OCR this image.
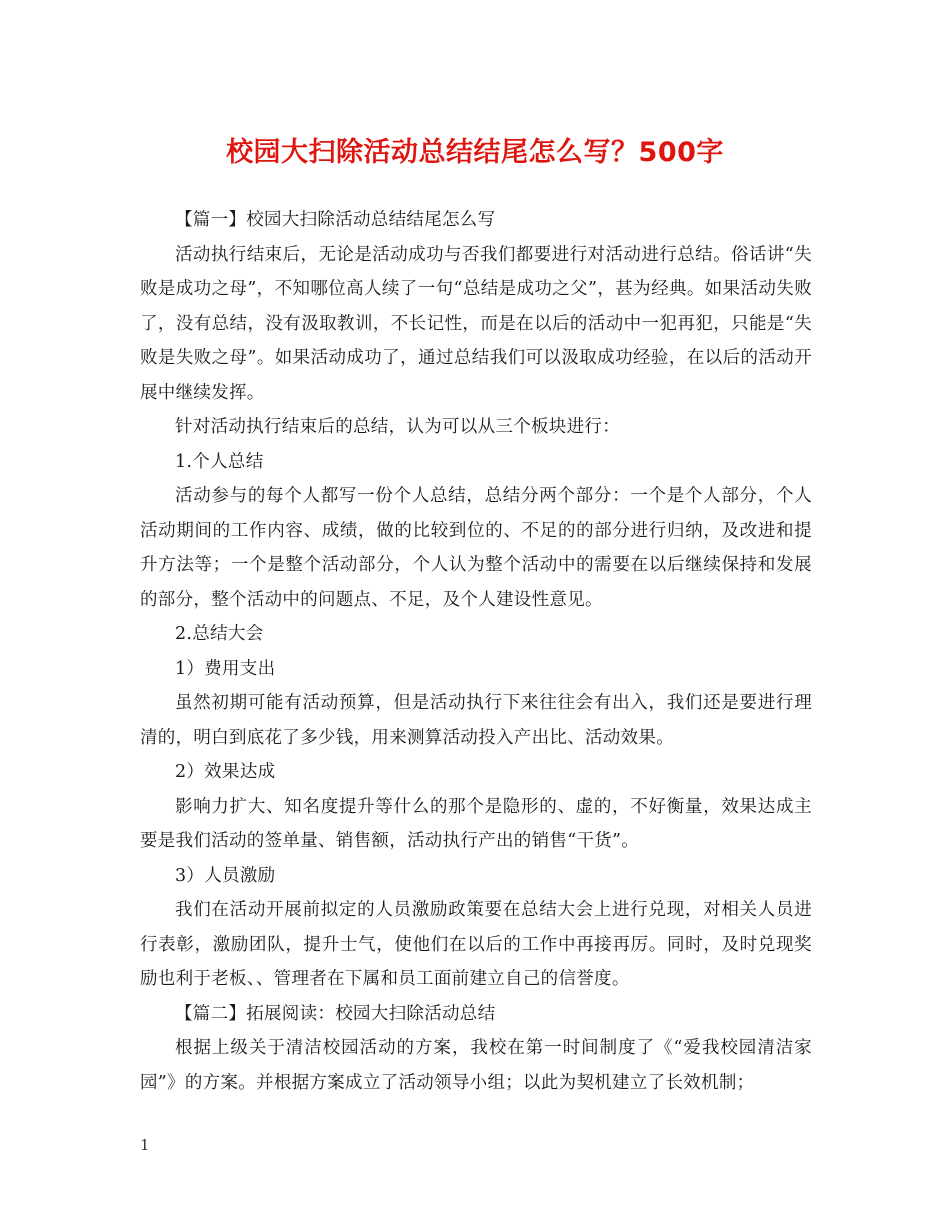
校园大扫除活动总结结尾怎么写？500字

【篇一】校园大扫除活动总结结尾怎么写

活动执行结束后，无论是活动成功与否我们都要进行对活动进行总结。俗话讲“失败是成功之母”，不知哪位高人续了一句“总结是成功之父”，甚为经典。如果活动失败了，没有总结，没有汲取教训，不长记性，而是在以后的活动中一犯再犯，只能是“失败是失败之母”。如果活动成功了，通过总结我们可以汲取成功经验，在以后的活动开展中继续发挥。

针对活动执行结束后的总结，认为可以从三个板块进行：

1.个人总结

活动参与的每个人都写一份个人总结，总结分两个部分：一个是个人部分，个人活动期间的工作内容、成绩，做的比较到位的、不足的的部分进行归纳，及改进和提升方法等；一个是整个活动部分，个人认为整个活动中的需要在以后继续保持和发展的部分，整个活动中的问题点、不足，及个人建设性意见。

2.总结大会

1）费用支出

虽然初期可能有活动预算，但是活动执行下来往往会有出入，我们还是要进行理清的，明白到底花了多少钱，用来测算活动投入产出比、活动效果。

2）效果达成

影响力扩大、知名度提升等什么的那个是隐形的、虚的，不好衡量，效果达成主要是我们活动的签单量、销售额，活动执行产出的销售“干货”。

3）人员激励

我们在活动开展前拟定的人员激励政策要在总结大会上进行兑现，对相关人员进行表彰，激励团队，提升士气，使他们在以后的工作中再接再厉。同时，及时兑现奖励也利于老板、、管理者在下属和员工面前建立自己的信誉度。

【篇二】拓展阅读：校园大扫除活动总结

根据上级关于清洁校园活动的方案，我校在第一时间制度了《“爱我校园清洁家园”》的方案。并根据方案成立了活动领导小组；以此为契机建立了长效机制；

1
